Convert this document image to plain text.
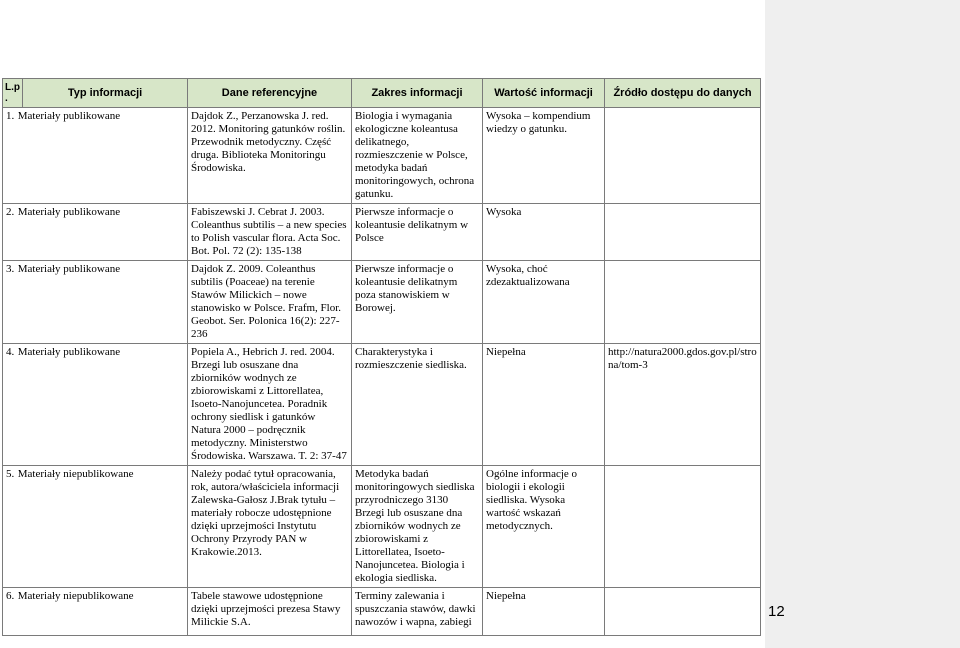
12
L.p .	Typ informacji	Dane referencyjne	Zakres informacji	Wartość informacji	Źródło dostępu do danych
1. Materiały publikowane		Dajdok Z., Perzanowska J. red. 2012. Monitoring gatunków roślin. Przewodnik metodyczny. Część druga. Biblioteka Monitoringu Środowiska.	Biologia i wymagania ekologiczne koleantusa delikatnego, rozmieszczenie w Polsce, metodyka badań monitoringowych, ochrona gatunku.	Wysoka – kompendium wiedzy o gatunku.	
2. Materiały publikowane		Fabiszewski J. Cebrat J. 2003. Coleanthus subtilis – a new species to Polish vascular flora. Acta Soc. Bot. Pol. 72 (2): 135-138	Pierwsze informacje o koleantusie delikatnym w Polsce	Wysoka	
3. Materiały publikowane		Dajdok Z. 2009. Coleanthus subtilis (Poaceae) na terenie Stawów Milickich – nowe stanowisko w Polsce. Frafm, Flor. Geobot. Ser. Polonica 16(2): 227-236	Pierwsze informacje o koleantusie delikatnym poza stanowiskiem w Borowej.	Wysoka, choć zdezaktualizowana	
4. Materiały publikowane		Popiela A., Hebrich J. red. 2004. Brzegi lub osuszane dna zbiorników wodnych ze zbiorowiskami z Littorellatea, Isoeto-Nanojuncetea. Poradnik ochrony siedlisk i gatunków Natura 2000 – podręcznik metodyczny. Ministerstwo Środowiska. Warszawa. T. 2: 37-47	Charakterystyka i rozmieszczenie siedliska.	Niepełna	http://natura2000.gdos.gov.pl/stro na/tom-3
5. Materiały niepublikowane		Należy podać tytuł opracowania, rok, autora/właściciela informacji Zalewska-Gałosz J.Brak tytułu – materiały robocze udostępnione dzięki uprzejmości Instytutu Ochrony Przyrody PAN w Krakowie.2013.	Metodyka badań monitoringowych siedliska przyrodniczego 3130 Brzegi lub osuszane dna zbiorników wodnych ze zbiorowiskami z Littorellatea, Isoeto-Nanojuncetea. Biologia i ekologia siedliska.	Ogólne informacje o biologii i ekologii siedliska. Wysoka wartość wskazań metodycznych.	
6. Materiały niepublikowane		Tabele stawowe udostępnione dzięki uprzejmości prezesa Stawy Milickie S.A.	Terminy zalewania i spuszczania stawów, dawki nawozów i wapna, zabiegi	Niepełna	
